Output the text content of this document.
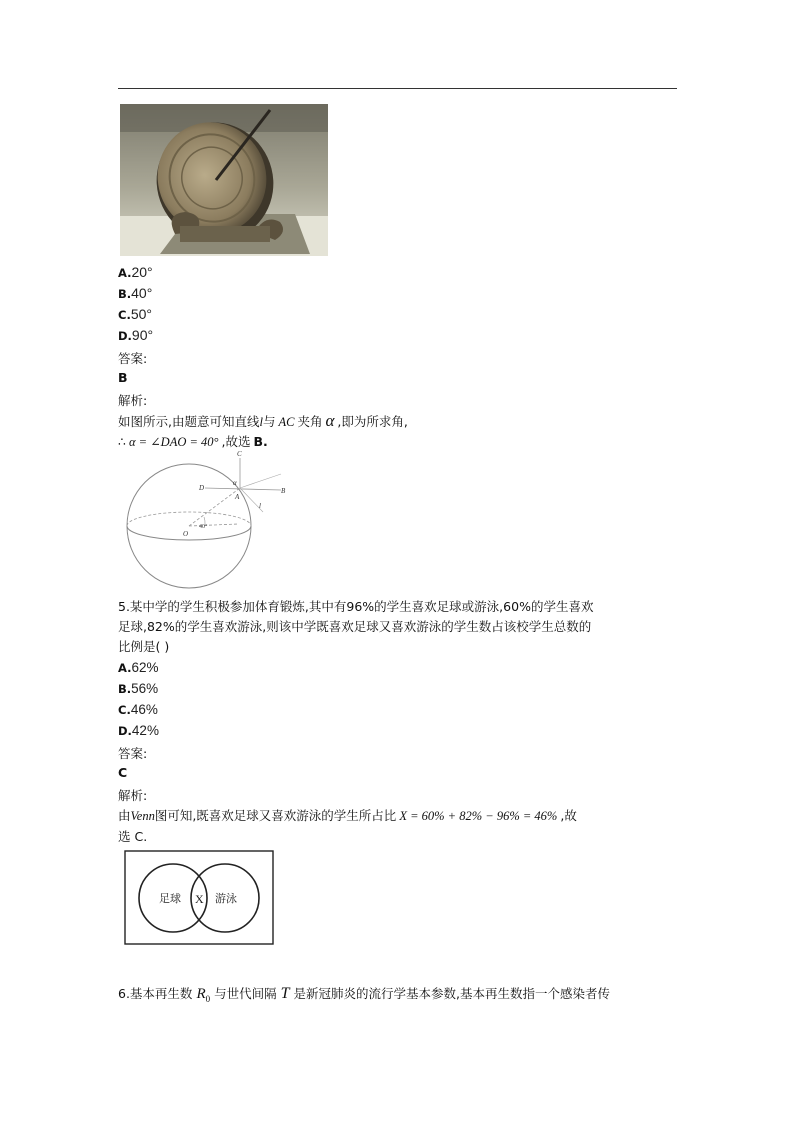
A.20°
B.40°
C.50°
D.90°
答案:
B
解析:
如图所示,由题意可知直线l与 AC 夹角 α ,即为所求角,
∴ α = ∠DAO = 40° ,故选 B.
C
D	B
A
α
l
O
40°
5.某中学的学生积极参加体育锻炼,其中有96%的学生喜欢足球或游泳,60%的学生喜欢
足球,82%的学生喜欢游泳,则该中学既喜欢足球又喜欢游泳的学生数占该校学生总数的
比例是( )
A.62%
B.56%
C.46%
D.42%
答案:
C
解析:
由Venn图可知,既喜欢足球又喜欢游泳的学生所占比 X = 60% + 82% − 96% = 46% ,故
选 C.
足球 X 游泳
6.基本再生数 $R_0$ 与世代间隔 T 是新冠肺炎的流行学基本参数,基本再生数指一个感染者传
